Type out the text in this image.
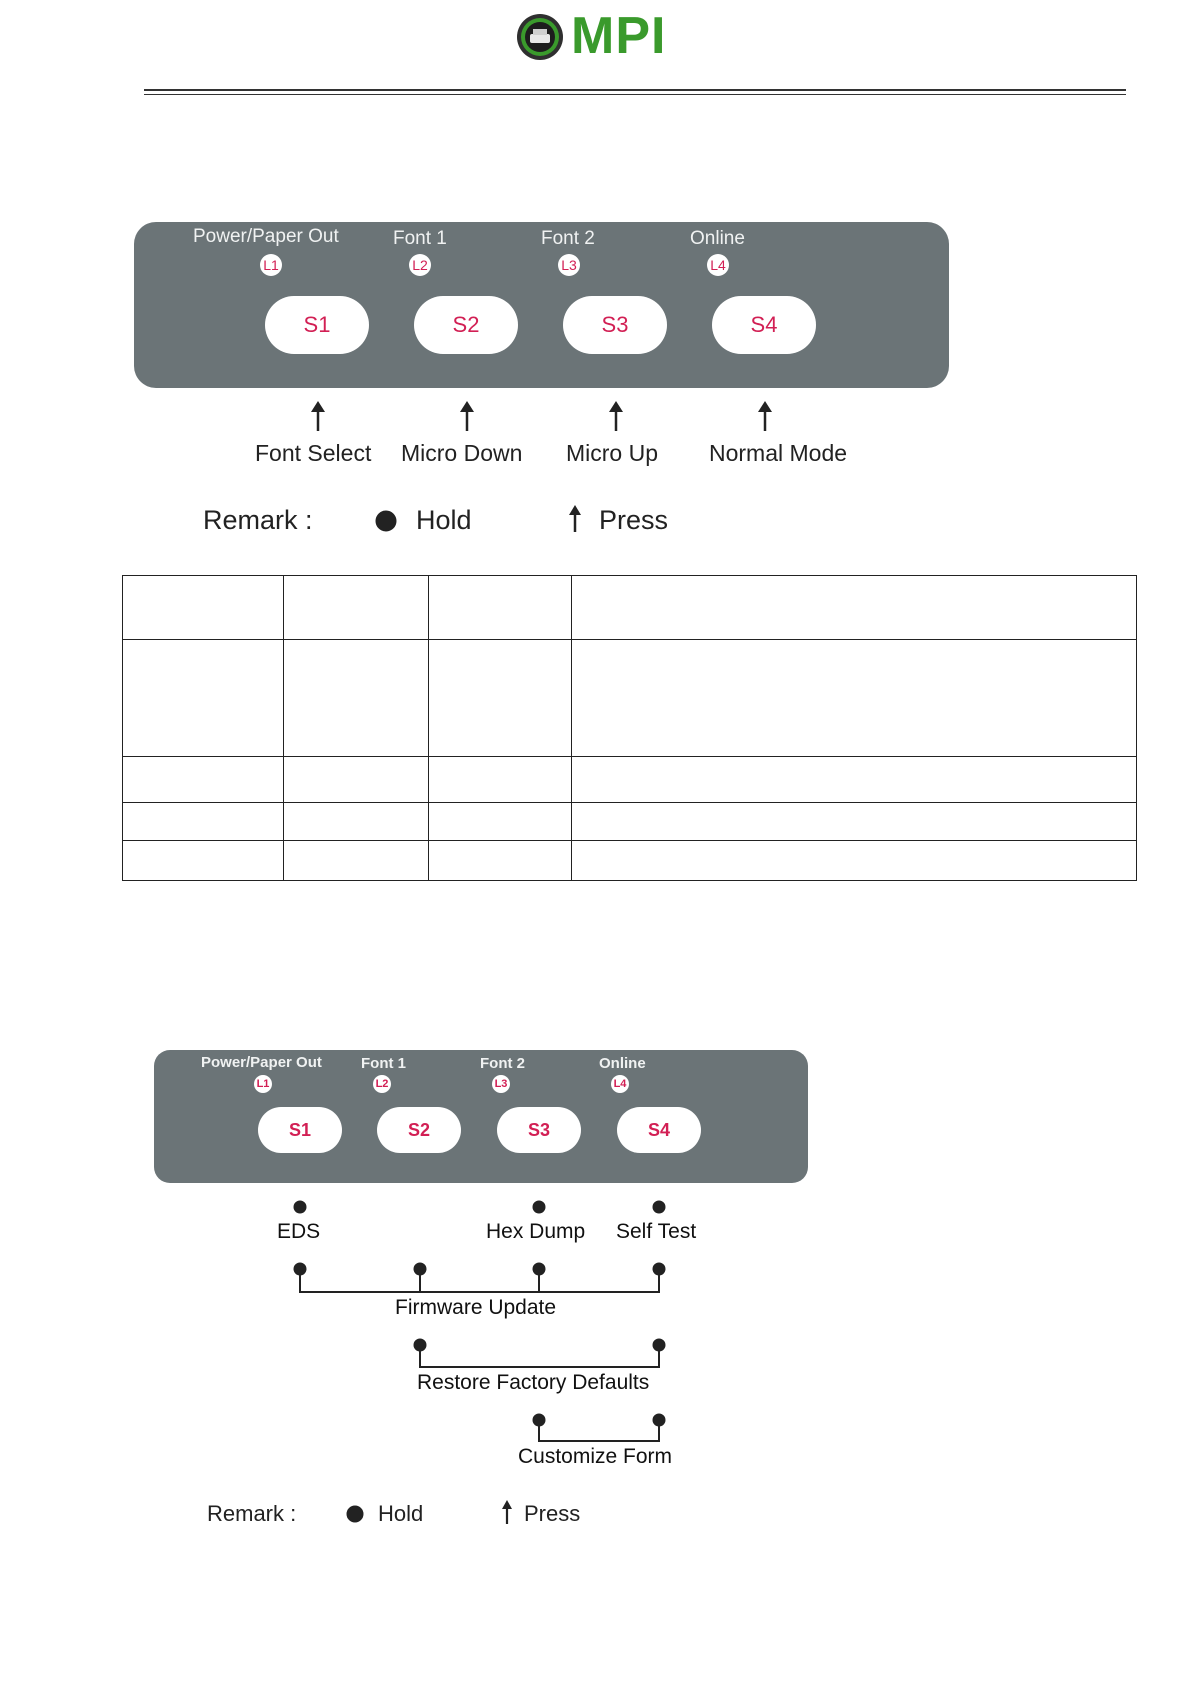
MPI
Power/Paper Out	Font 1	Font 2	Online
L1	L2	L3	L4
S1	S2	S3	S4
Font Select Micro Down Micro Up Normal Mode
Remark :	Hold	Press
Power/Paper Out	Font 1	Font 2	Online
L1	L2	L3	L4
S1	S2	S3	S4
EDS	Hex Dump Self Test
Firmware Update
Restore Factory Defaults
Customize Form
Remark :	Hold	Press
